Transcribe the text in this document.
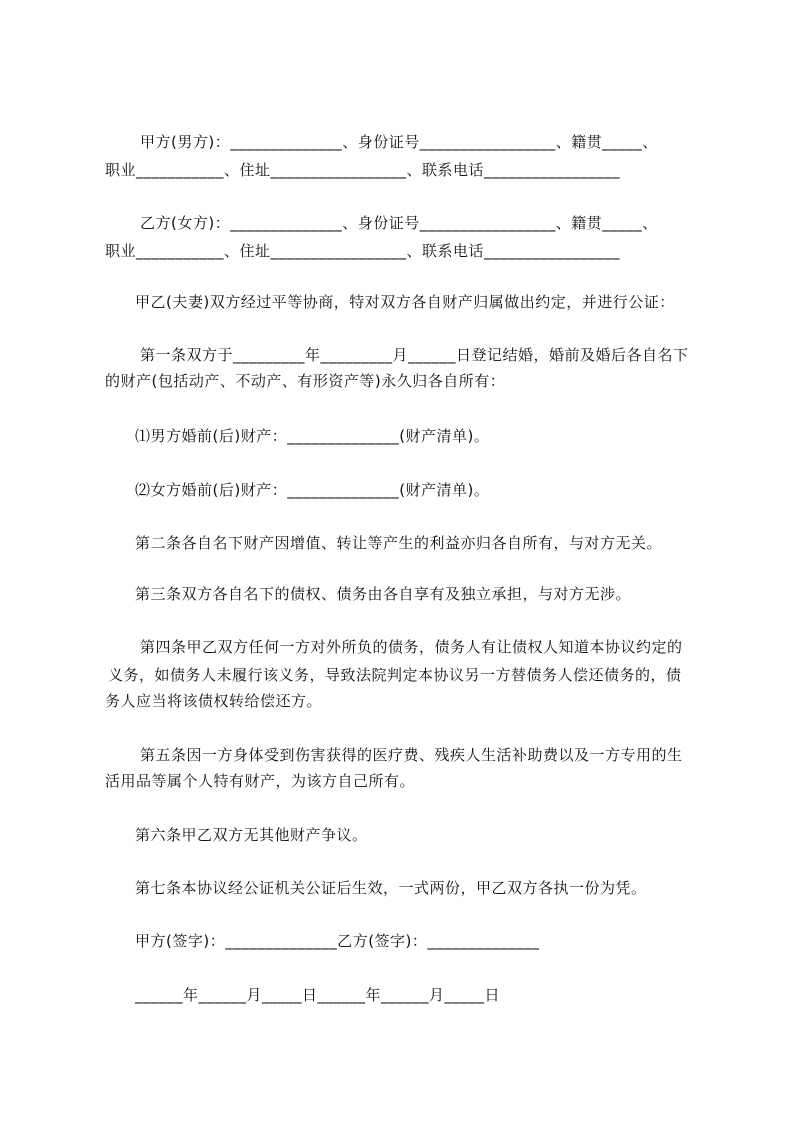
甲方(男方)：______________、身份证号_________________、籍贯_____、
职业___________、住址_________________、联系电话_________________
乙方(女方)：______________、身份证号_________________、籍贯_____、
职业___________、住址_________________、联系电话_________________
甲乙(夫妻)双方经过平等协商，特对双方各自财产归属做出约定，并进行公证：
第一条双方于_________年_________月______日登记结婚，婚前及婚后各自名下
的财产(包括动产、不动产、有形资产等)永久归各自所有：
⑴男方婚前(后)财产：______________(财产清单)。
⑵女方婚前(后)财产：______________(财产清单)。
第二条各自名下财产因增值、转让等产生的利益亦归各自所有，与对方无关。
第三条双方各自名下的债权、债务由各自享有及独立承担，与对方无涉。
第四条甲乙双方任何一方对外所负的债务，债务人有让债权人知道本协议约定的
义务，如债务人未履行该义务，导致法院判定本协议另一方替债务人偿还债务的，债
务人应当将该债权转给偿还方。
第五条因一方身体受到伤害获得的医疗费、残疾人生活补助费以及一方专用的生
活用品等属个人特有财产，为该方自己所有。
第六条甲乙双方无其他财产争议。
第七条本协议经公证机关公证后生效，一式两份，甲乙双方各执一份为凭。
甲方(签字)：______________乙方(签字)：______________
______年______月_____日______年______月_____日
